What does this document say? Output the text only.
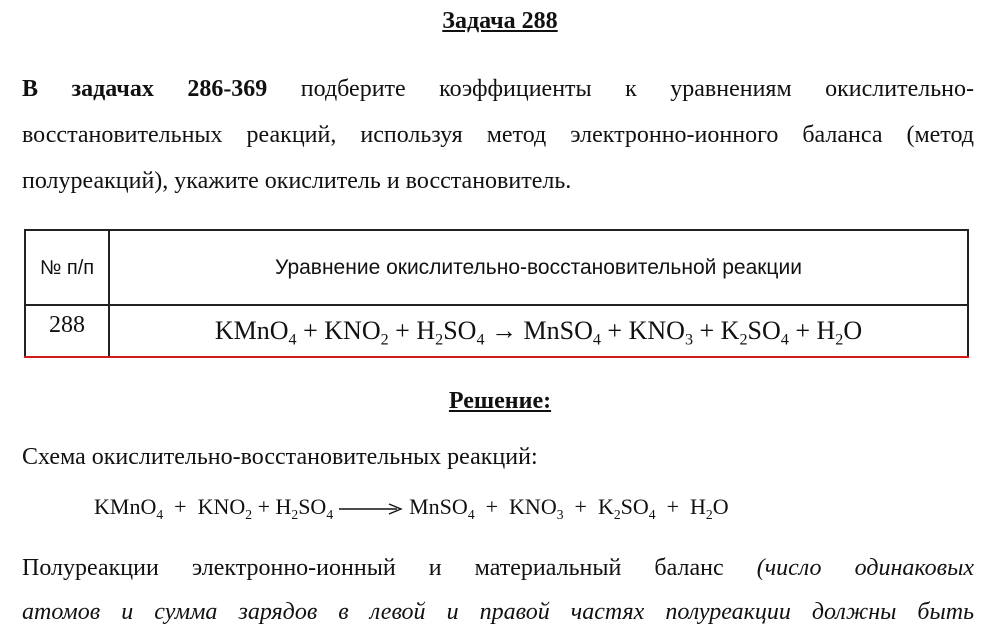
Задача 288
В задачах 286-369 подберите коэффициенты к уравнениям окислительно-восстановительных реакций, используя метод электронно-ионного баланса (метод полуреакций), укажите окислитель и восстановитель.
№ п/п	Уравнение окислительно-восстановительной реакции
288	KMnO$_4$ + $KNO_2 + H_2SO_4$ → MnSO$_4$ + $KNO_3 + K_2SO_4 + H_2O$
Решение:
Схема окислительно-восстановительных реакций:
KMnO$_4$ + $KNO_2 + H_2SO_4$	MnSO$_4$ + $KNO_3 + K_2SO_4 + H_2O$
Полуреакции электронно-ионный и материальный баланс (число одинаковых
атомов и сумма зарядов в левой и правой частях полуреакции должны быть
